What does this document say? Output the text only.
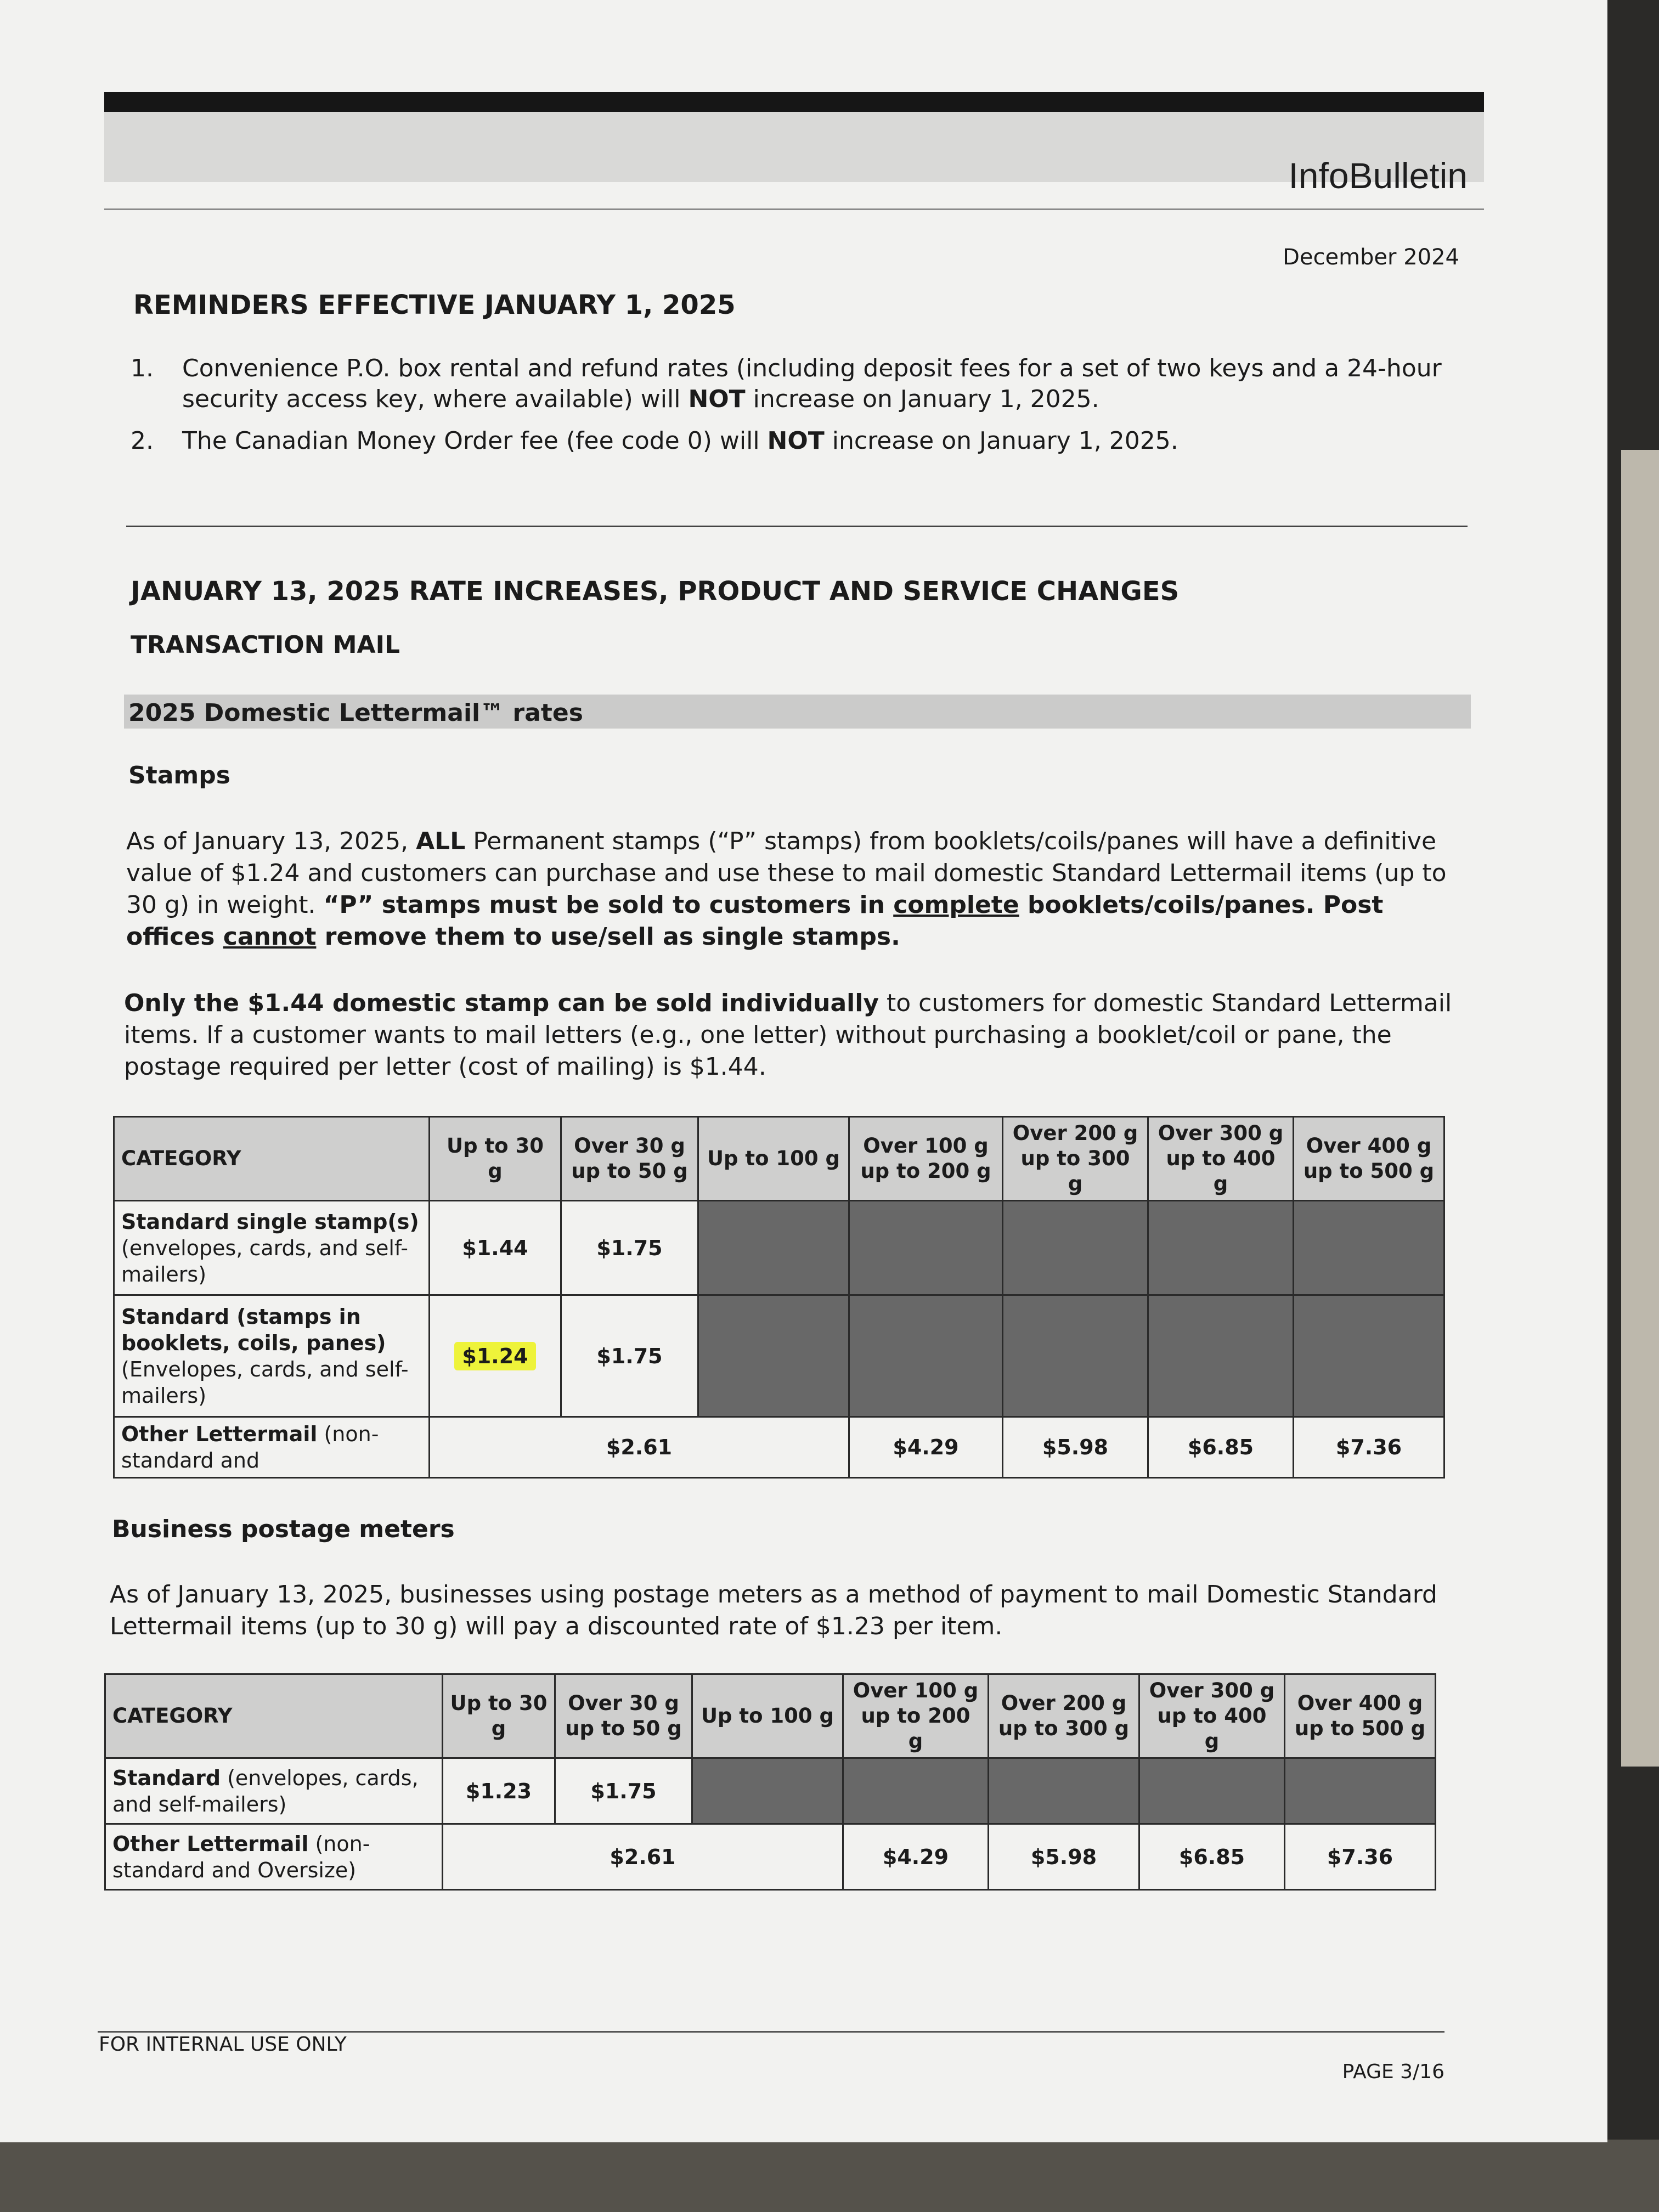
InfoBulletin
December 2024
REMINDERS EFFECTIVE JANUARY 1, 2025
1. Convenience P.O. box rental and refund rates (including deposit fees for a set of two keys and a 24-hour security access key, where available) will NOT increase on January 1, 2025.
2. The Canadian Money Order fee (fee code 0) will NOT increase on January 1, 2025.
JANUARY 13, 2025 RATE INCREASES, PRODUCT AND SERVICE CHANGES
TRANSACTION MAIL
2025 Domestic Lettermail™ rates
Stamps

As of January 13, 2025, ALL Permanent stamps (“P” stamps) from booklets/coils/panes will have a definitive value of $1.24 and customers can purchase and use these to mail domestic Standard Lettermail items (up to 30 g) in weight. “P” stamps must be sold to customers in complete booklets/coils/panes. Post offices cannot remove them to use/sell as single stamps.

Only the $1.44 domestic stamp can be sold individually to customers for domestic Standard Lettermail items. If a customer wants to mail letters (e.g., one letter) without purchasing a booklet/coil or pane, the postage required per letter (cost of mailing) is $1.44.

CATEGORY	Up to 30 g	Over 30 g up to 50 g	Up to 100 g	Over 100 g up to 200 g	Over 200 g up to 300 g	Over 300 g up to 400 g	Over 400 g up to 500 g
Standard single stamp(s) (envelopes, cards, and self-mailers)	$1.44	$1.75					
Standard (stamps in booklets, coils, panes) (Envelopes, cards, and self-mailers)	$1.24	$1.75					
Other Lettermail (non-standard and	$2.61			$4.29	$5.98	$6.85	$7.36
Business postage meters

As of January 13, 2025, businesses using postage meters as a method of payment to mail Domestic Standard Lettermail items (up to 30 g) will pay a discounted rate of $1.23 per item.

CATEGORY	Up to 30 g	Over 30 g up to 50 g	Up to 100 g	Over 100 g up to 200 g	Over 200 g up to 300 g	Over 300 g up to 400 g	Over 400 g up to 500 g
Standard (envelopes, cards, and self-mailers)	$1.23	$1.75					
Other Lettermail (non-standard and Oversize)	$2.61			$4.29	$5.98	$6.85	$7.36
FOR INTERNAL USE ONLY
PAGE 3/16
